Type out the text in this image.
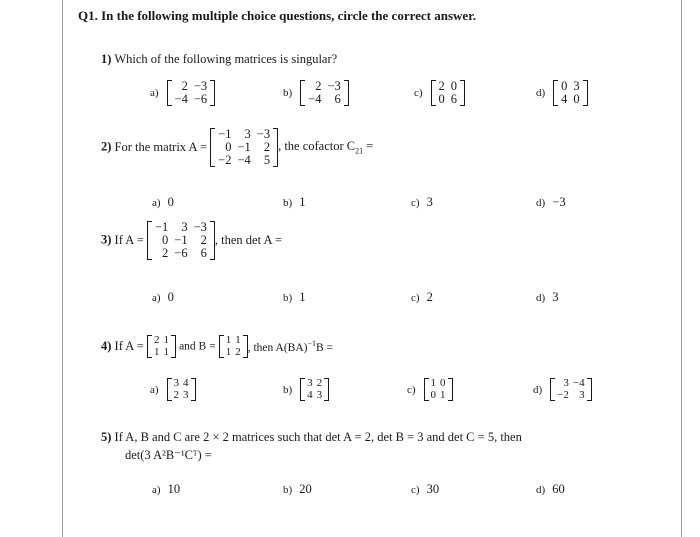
Q1. In the following multiple choice questions, circle the correct answer.
1) Which of the following matrices is singular?
a)
2	−3
−4	−6	b)
2	−3
−4	6	c)
2	0
0	6	d)
0	3
4	0
2) For the matrix A =
−1	3	−3
0	−1	2
−2	−4	5
, the cofactor $C_{21}$ =
a) 0	b) 1	c) 3	d) −3
3) If A =
−1	3	−3
0	−1	2
2	−6	6
, then det A =
a) 0	b) 1	c) 2	d) 3
4) If A = 2	1
1	1 and B =
1	1
1	2 , then A(BA)$^{-1}$B =
a)
3	4
2	3	b)
3	2
4	3	c)
1	0
0	1	d)
3	−4
−2	3
5) If A, B and C are 2 × 2 matrices such that det A = 2, det B = 3 and det C = 5, then
det(3 A²B⁻¹Cᵀ) =
a) 10	b) 20	c) 30	d) 60
